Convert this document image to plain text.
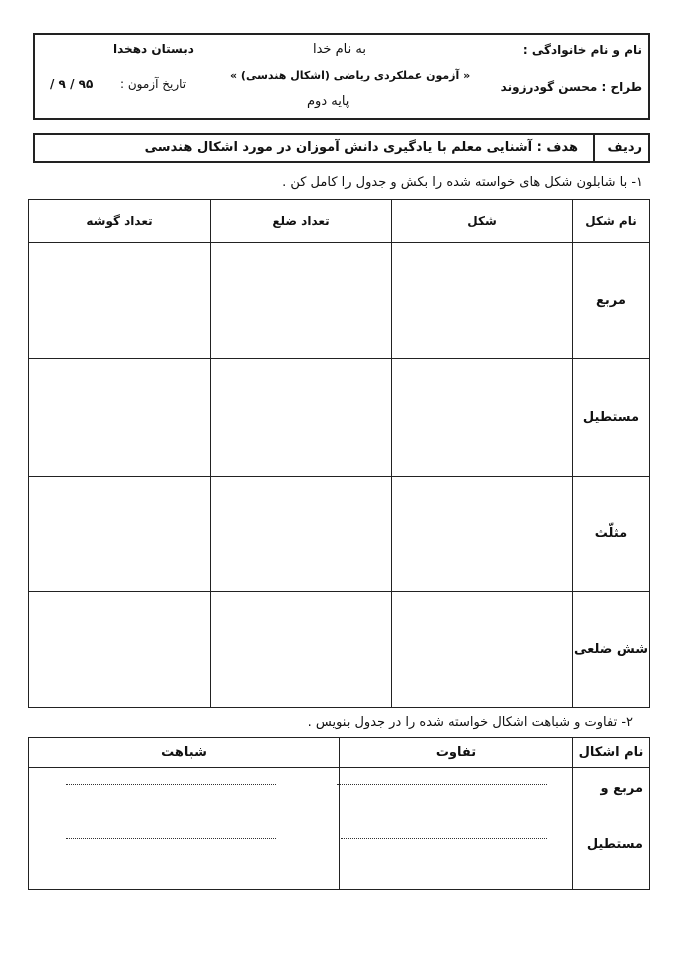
نام و نام خانوادگی :
طراح : محسن گودرزوند
به نام خدا
« آزمون عملکردی ریاضی (اشکال هندسی) »
پایه دوم
دبستان دهخدا
تاریخ آزمون :
/ ۹ / ۹۵
ردیف
هدف : آشنایی معلم با یادگیری دانش آموزان در مورد اشکال هندسی
۱- با شابلون شکل های خواسته شده را بکش و جدول را کامل کن .
نام شکل	شکل	تعداد ضلع	تعداد گوشه
مربع			
مستطیل			
مثلّث			
شش ضلعی			
۲- تفاوت و شباهت اشکال خواسته شده را در جدول بنویس .
نام اشکال	تفاوت	شباهت

مربع و
مستطیل		
